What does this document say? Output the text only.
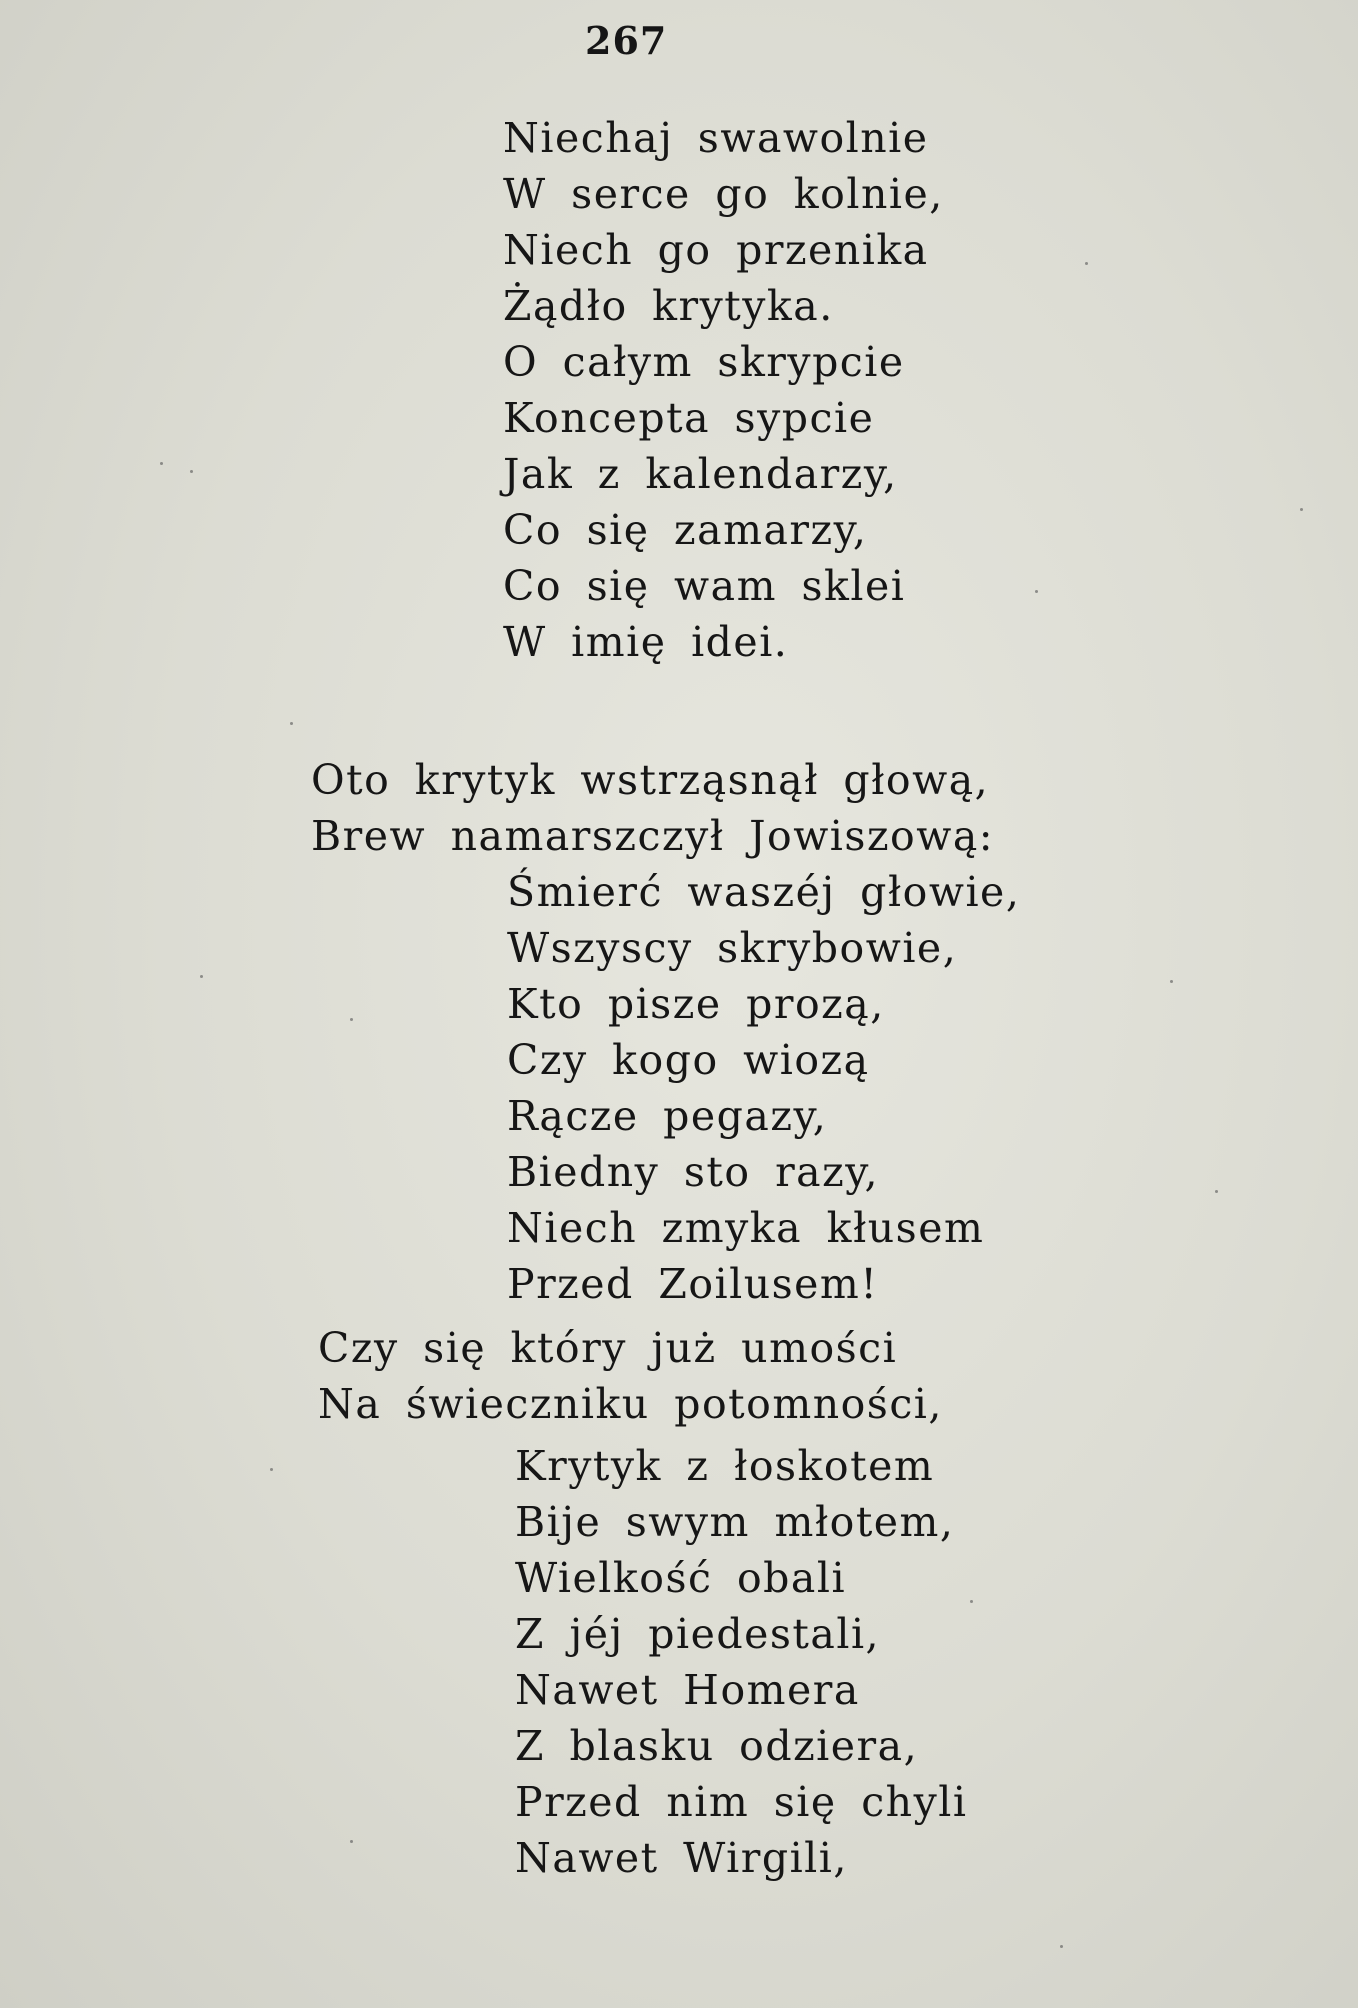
267
Niechaj swawolnie
W serce go kolnie,
Niech go przenika
Żądło krytyka.
O całym skrypcie
Koncepta sypcie
Jak z kalendarzy,
Co się zamarzy,
Co się wam sklei
W imię idei.
Oto krytyk wstrząsnął głową,
Brew namarszczył Jowiszową:
Śmierć waszéj głowie,
Wszyscy skrybowie,
Kto pisze prozą,
Czy kogo wiozą
Rącze pegazy,
Biedny sto razy,
Niech zmyka kłusem
Przed Zoilusem!
Czy się który już umości
Na świeczniku potomności,
Krytyk z łoskotem
Bije swym młotem,
Wielkość obali
Z jéj piedestali,
Nawet Homera
Z blasku odziera,
Przed nim się chyli
Nawet Wirgili,
